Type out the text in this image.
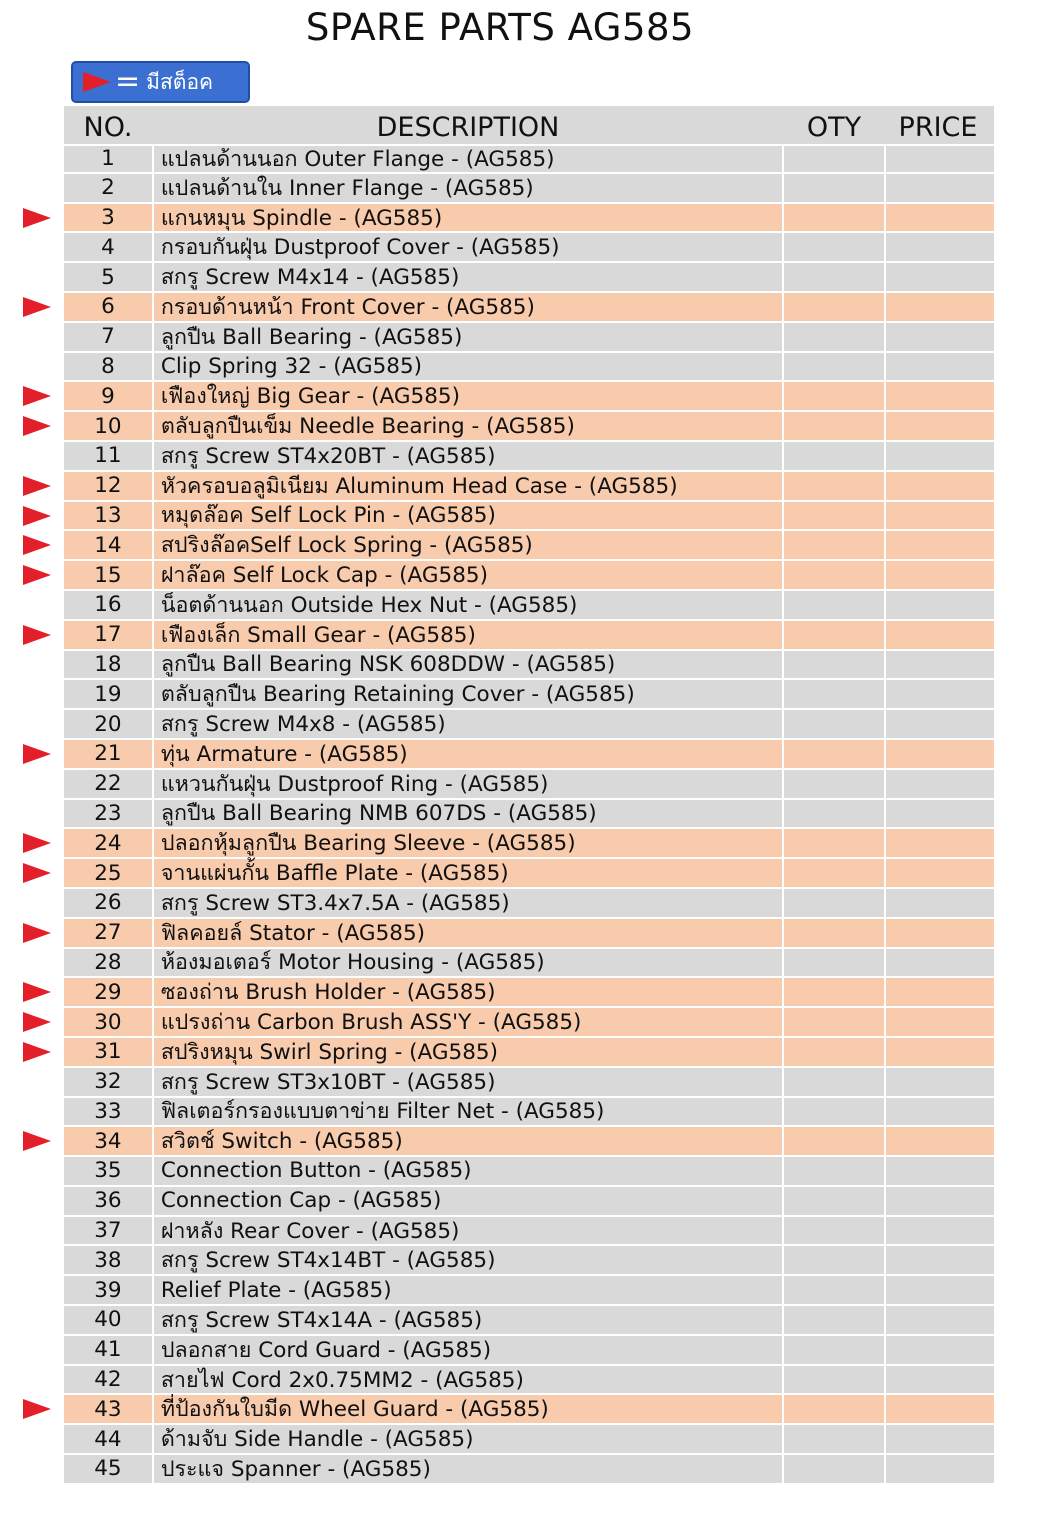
SPARE PARTS AG585
= มีสต็อค
NO.	DESCRIPTION	OTY	PRICE
1	แปลนด้านนอก Outer Flange - (AG585)
2	แปลนด้านใน Inner Flange - (AG585)
3	แกนหมุน Spindle - (AG585)
4	กรอบกันฝุ่น Dustproof Cover - (AG585)
5	สกรู Screw M4x14 - (AG585)
6	กรอบด้านหน้า Front Cover - (AG585)
7	ลูกปืน Ball Bearing - (AG585)
8	Clip Spring 32 - (AG585)
9	เฟืองใหญ่ Big Gear - (AG585)
10	ตลับลูกปืนเข็ม Needle Bearing - (AG585)
11	สกรู Screw ST4x20BT - (AG585)
12	หัวครอบอลูมิเนียม Aluminum Head Case - (AG585)
13	หมุดล๊อค Self Lock Pin - (AG585)
14	สปริงล๊อคSelf Lock Spring - (AG585)
15	ฝาล๊อค Self Lock Cap - (AG585)
16	น็อตด้านนอก Outside Hex Nut - (AG585)
17	เฟืองเล็ก Small Gear - (AG585)
18	ลูกปืน Ball Bearing NSK 608DDW - (AG585)
19	ตลับลูกปืน Bearing Retaining Cover - (AG585)
20	สกรู Screw M4x8 - (AG585)
21	ทุ่น Armature - (AG585)
22	แหวนกันฝุ่น Dustproof Ring - (AG585)
23	ลูกปืน Ball Bearing NMB 607DS - (AG585)
24	ปลอกหุ้มลูกปืน Bearing Sleeve - (AG585)
25	จานแผ่นกั้น Baffle Plate - (AG585)
26	สกรู Screw ST3.4x7.5A - (AG585)
27	ฟิลคอยล์ Stator - (AG585)
28	ห้องมอเตอร์ Motor Housing - (AG585)
29	ซองถ่าน Brush Holder - (AG585)
30	แปรงถ่าน Carbon Brush ASS'Y - (AG585)
31	สปริงหมุน Swirl Spring - (AG585)
32	สกรู Screw ST3x10BT - (AG585)
33	ฟิลเตอร์กรองแบบตาข่าย Filter Net - (AG585)
34	สวิตช์ Switch - (AG585)
35	Connection Button - (AG585)
36	Connection Cap - (AG585)
37	ฝาหลัง Rear Cover - (AG585)
38	สกรู Screw ST4x14BT - (AG585)
39	Relief Plate - (AG585)
40	สกรู Screw ST4x14A - (AG585)
41	ปลอกสาย Cord Guard - (AG585)
42	สายไฟ Cord 2x0.75MM2 - (AG585)
43	ที่ป้องกันใบมีด Wheel Guard - (AG585)
44	ด้ามจับ Side Handle - (AG585)
45	ประแจ Spanner - (AG585)
